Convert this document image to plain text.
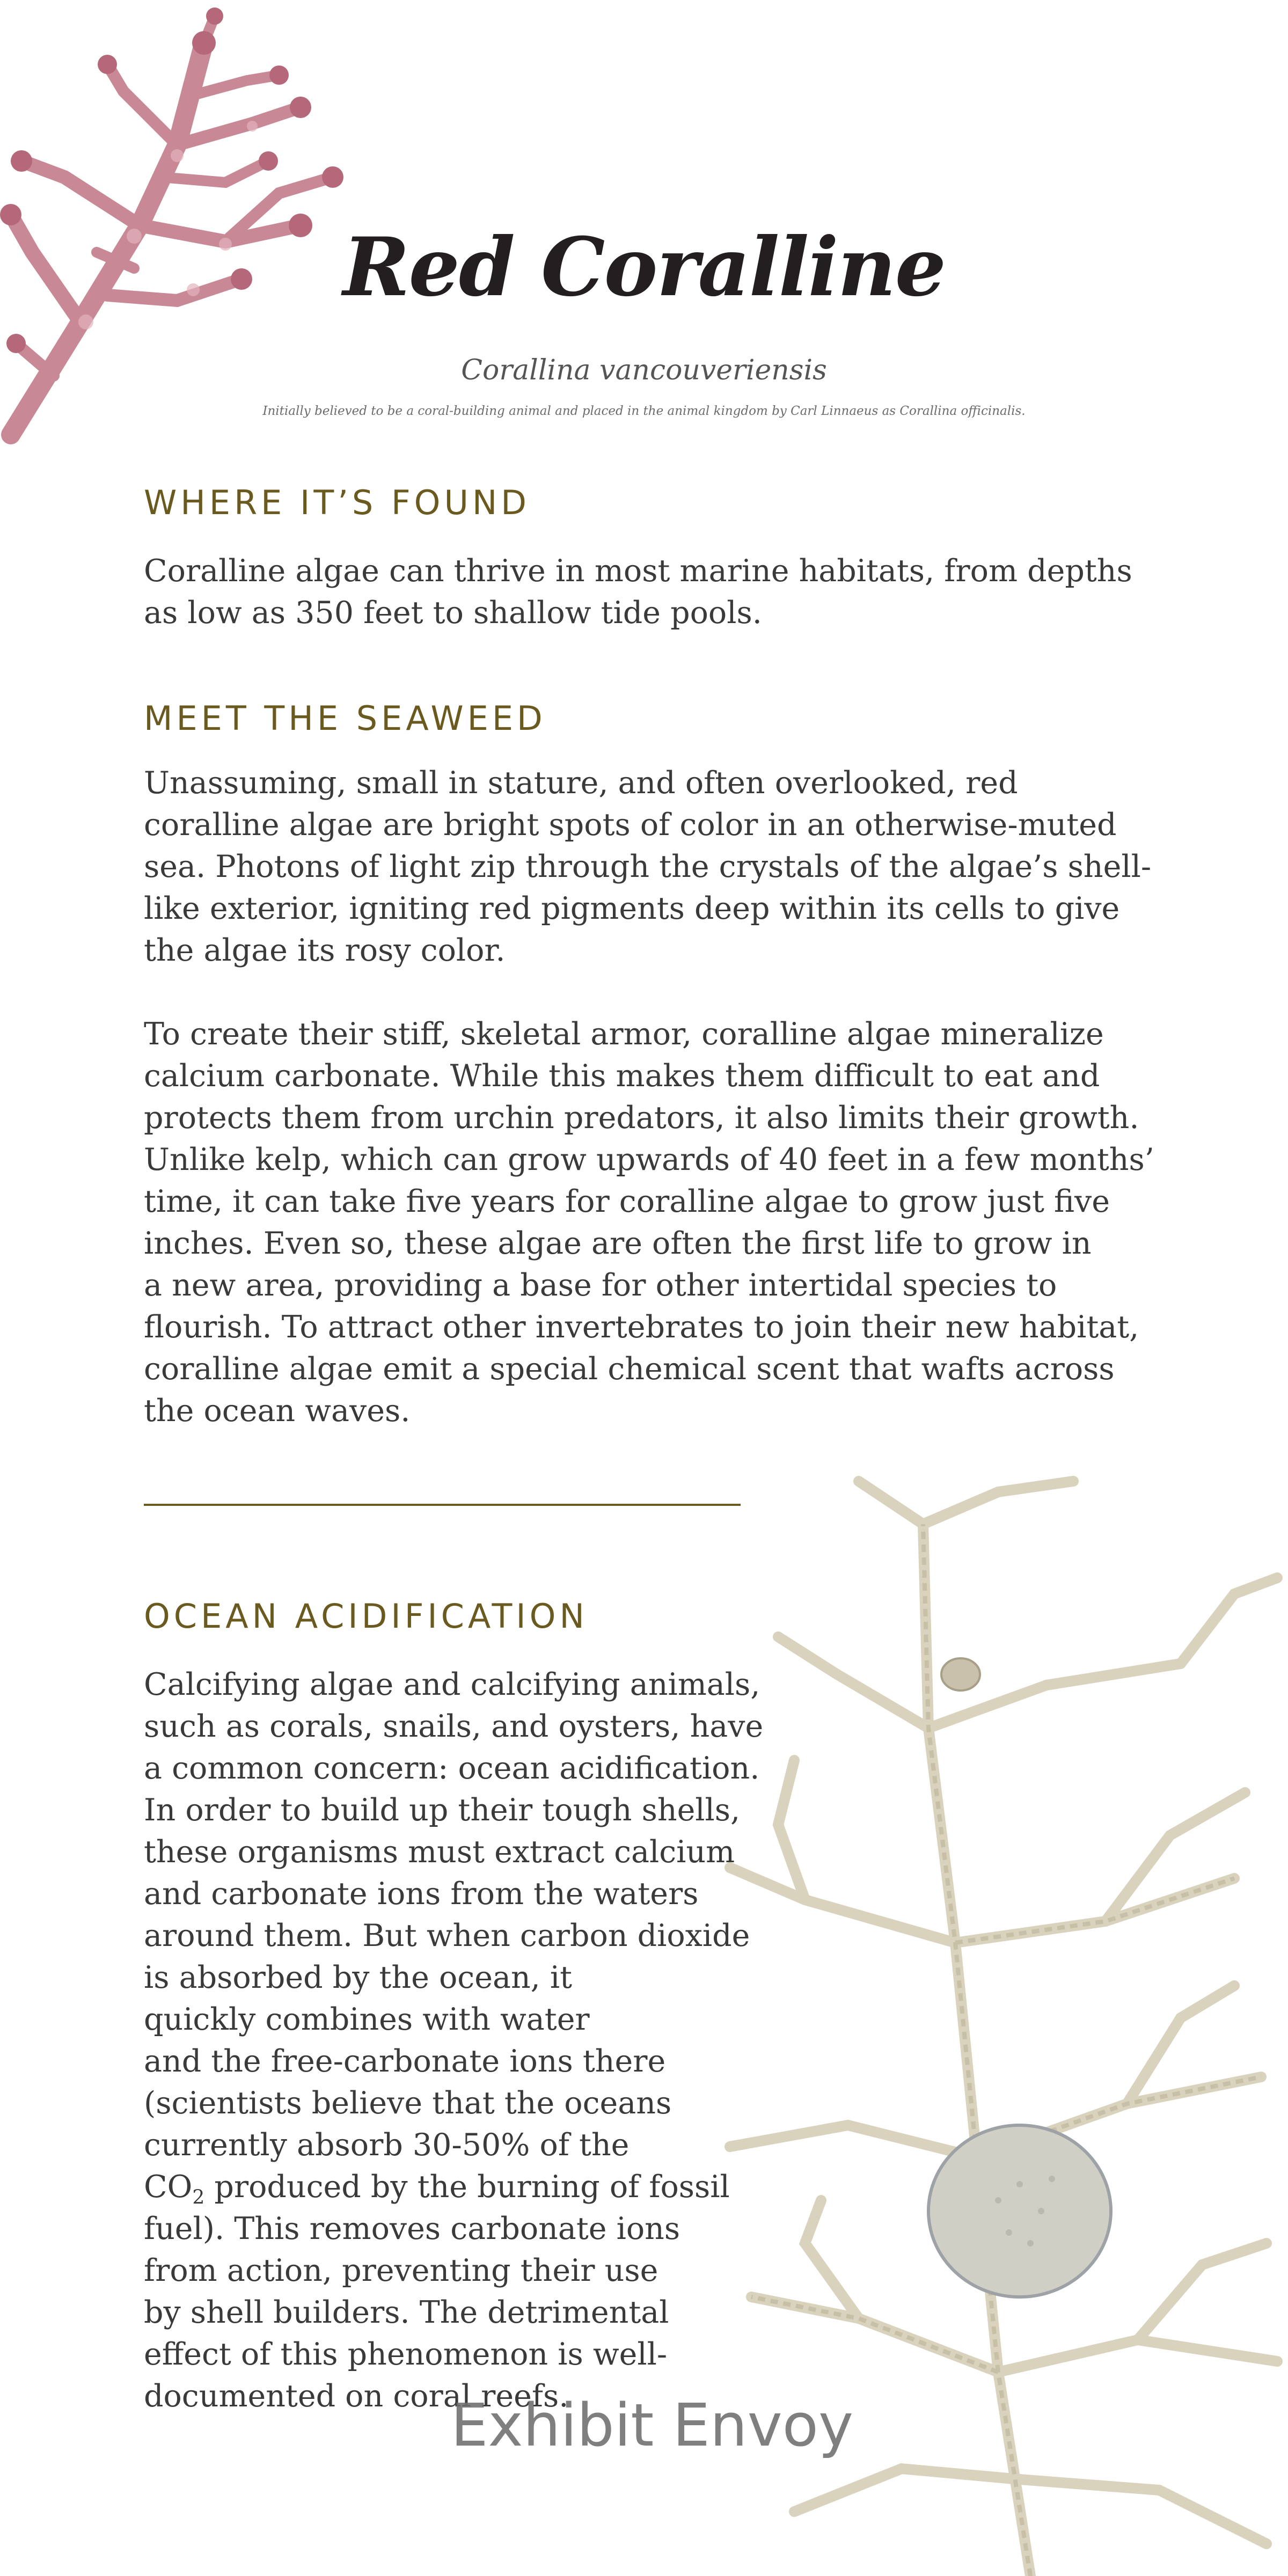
Red Coralline
Corallina vancouveriensis
Initially believed to be a coral-building animal and placed in the animal kingdom by Carl Linnaeus as Corallina officinalis.
WHERE IT’S FOUND

Coralline algae can thrive in most marine habitats, from depths
as low as 350 feet to shallow tide pools.

MEET THE SEAWEED

Unassuming, small in stature, and often overlooked, red
coralline algae are bright spots of color in an otherwise-muted
sea. Photons of light zip through the crystals of the algae’s shell-
like exterior, igniting red pigments deep within its cells to give
the algae its rosy color.

To create their stiff, skeletal armor, coralline algae mineralize
calcium carbonate. While this makes them difficult to eat and
protects them from urchin predators, it also limits their growth.
Unlike kelp, which can grow upwards of 40 feet in a few months’
time, it can take five years for coralline algae to grow just five
inches. Even so, these algae are often the first life to grow in
a new area, providing a base for other intertidal species to
flourish. To attract other invertebrates to join their new habitat,
coralline algae emit a special chemical scent that wafts across
the ocean waves.

OCEAN ACIDIFICATION

Calcifying algae and calcifying animals,
such as corals, snails, and oysters, have
a common concern: ocean acidification.
In order to build up their tough shells,
these organisms must extract calcium
and carbonate ions from the waters
around them. But when carbon dioxide
is absorbed by the ocean, it
quickly combines with water
and the free-carbonate ions there
(scientists believe that the oceans
currently absorb 30-50% of the
$CO_2$ produced by the burning of fossil
fuel). This removes carbonate ions
from action, preventing their use
by shell builders. The detrimental
effect of this phenomenon is well-
documented on coral reefs.

Exhibit Envoy
